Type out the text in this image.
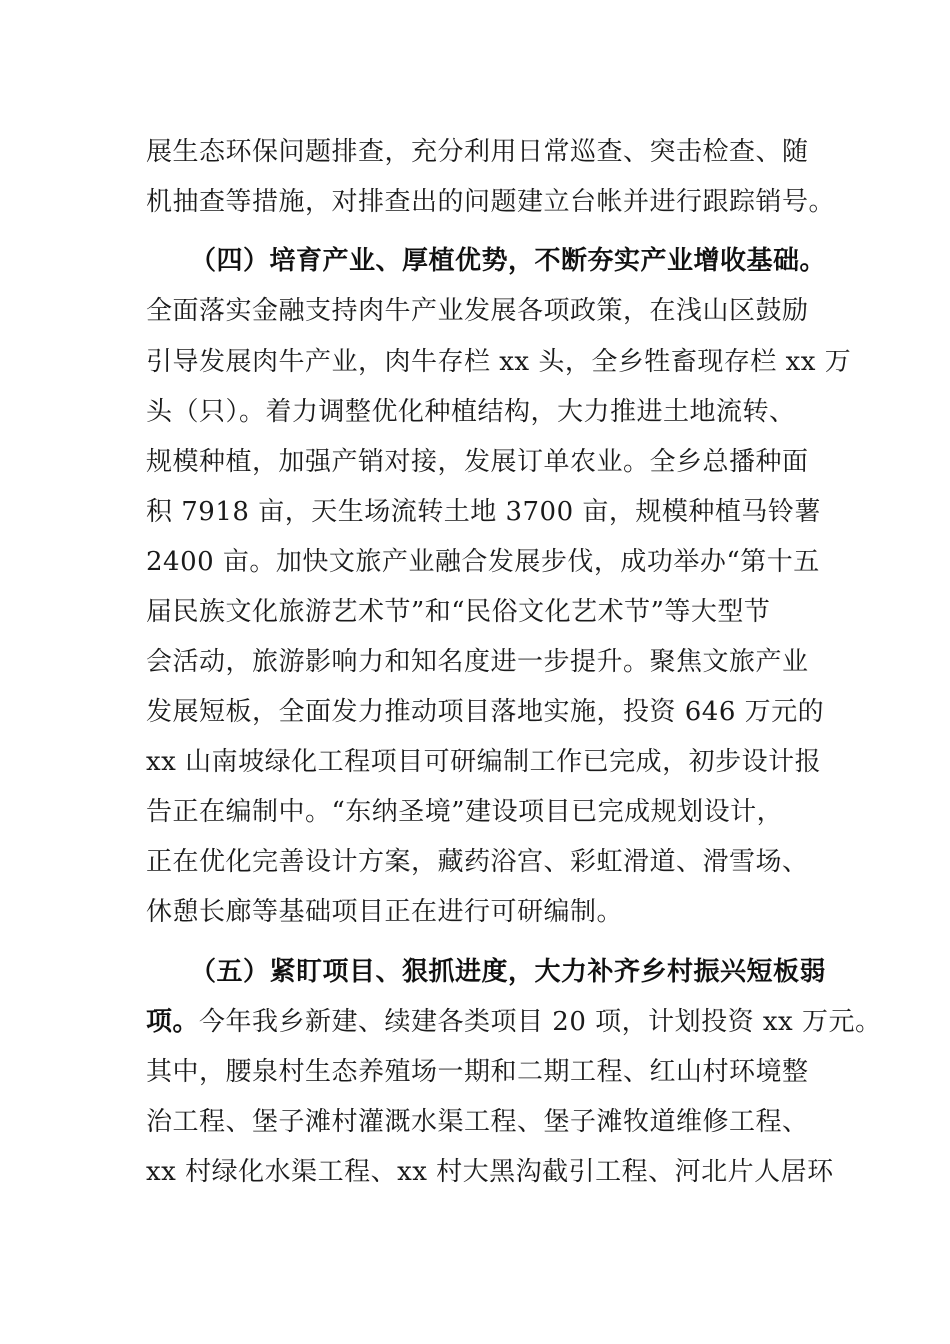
展生态环保问题排查，充分利用日常巡查、突击检查、随
机抽查等措施，对排查出的问题建立台帐并进行跟踪销号。
（四）培育产业、厚植优势，不断夯实产业增收基础。
全面落实金融支持肉牛产业发展各项政策，在浅山区鼓励
引导发展肉牛产业，肉牛存栏 xx 头，全乡牲畜现存栏 xx 万
头（只）。着力调整优化种植结构，大力推进土地流转、
规模种植，加强产销对接，发展订单农业。全乡总播种面
积 7918 亩，天生场流转土地 3700 亩，规模种植马铃薯
2400 亩。加快文旅产业融合发展步伐，成功举办“第十五
届民族文化旅游艺术节”和“民俗文化艺术节”等大型节
会活动，旅游影响力和知名度进一步提升。聚焦文旅产业
发展短板，全面发力推动项目落地实施，投资 646 万元的
xx 山南坡绿化工程项目可研编制工作已完成，初步设计报
告正在编制中。“东纳圣境”建设项目已完成规划设计，
正在优化完善设计方案，藏药浴宫、彩虹滑道、滑雪场、
休憩长廊等基础项目正在进行可研编制。
（五）紧盯项目、狠抓进度，大力补齐乡村振兴短板弱
项。今年我乡新建、续建各类项目 20 项，计划投资 xx 万元。
其中，腰泉村生态养殖场一期和二期工程、红山村环境整
治工程、堡子滩村灌溉水渠工程、堡子滩牧道维修工程、
xx 村绿化水渠工程、xx 村大黑沟截引工程、河北片人居环
